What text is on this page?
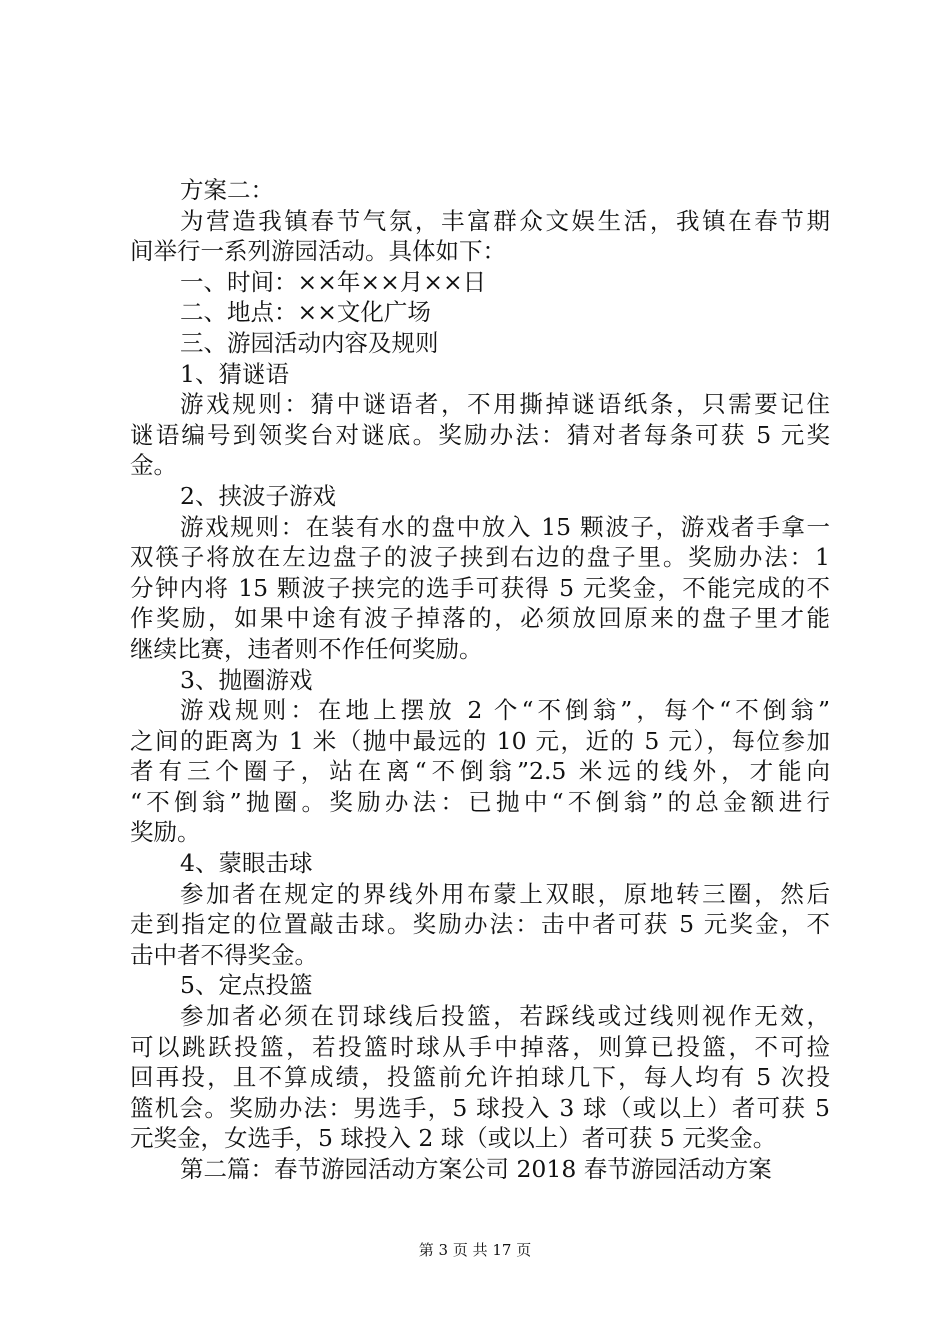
方案二：
为营造我镇春节气氛，丰富群众文娱生活，我镇在春节期
间举行一系列游园活动。具体如下：
一、时间：××年××月××日
二、地点：××文化广场
三、游园活动内容及规则
1、猜谜语
游戏规则：猜中谜语者，不用撕掉谜语纸条，只需要记住
谜语编号到领奖台对谜底。奖励办法：猜对者每条可获 5 元奖
金。
2、挟波子游戏
游戏规则：在装有水的盘中放入 15 颗波子，游戏者手拿一
双筷子将放在左边盘子的波子挟到右边的盘子里。奖励办法：1
分钟内将 15 颗波子挟完的选手可获得 5 元奖金，不能完成的不
作奖励，如果中途有波子掉落的，必须放回原来的盘子里才能
继续比赛，违者则不作任何奖励。
3、抛圈游戏
游戏规则：在地上摆放 2 个“不倒翁”，每个“不倒翁”
之间的距离为 1 米（抛中最远的 10 元，近的 5 元），每位参加
者有三个圈子，站在离“不倒翁”2.5 米远的线外，才能向
“不倒翁”抛圈。奖励办法：已抛中“不倒翁”的总金额进行
奖励。
4、蒙眼击球
参加者在规定的界线外用布蒙上双眼，原地转三圈，然后
走到指定的位置敲击球。奖励办法：击中者可获 5 元奖金，不
击中者不得奖金。
5、定点投篮
参加者必须在罚球线后投篮，若踩线或过线则视作无效，
可以跳跃投篮，若投篮时球从手中掉落，则算已投篮，不可捡
回再投，且不算成绩，投篮前允许拍球几下，每人均有 5 次投
篮机会。奖励办法：男选手，5 球投入 3 球（或以上）者可获 5
元奖金，女选手，5 球投入 2 球（或以上）者可获 5 元奖金。
第二篇：春节游园活动方案公司 2018 春节游园活动方案
第 3 页 共 17 页
